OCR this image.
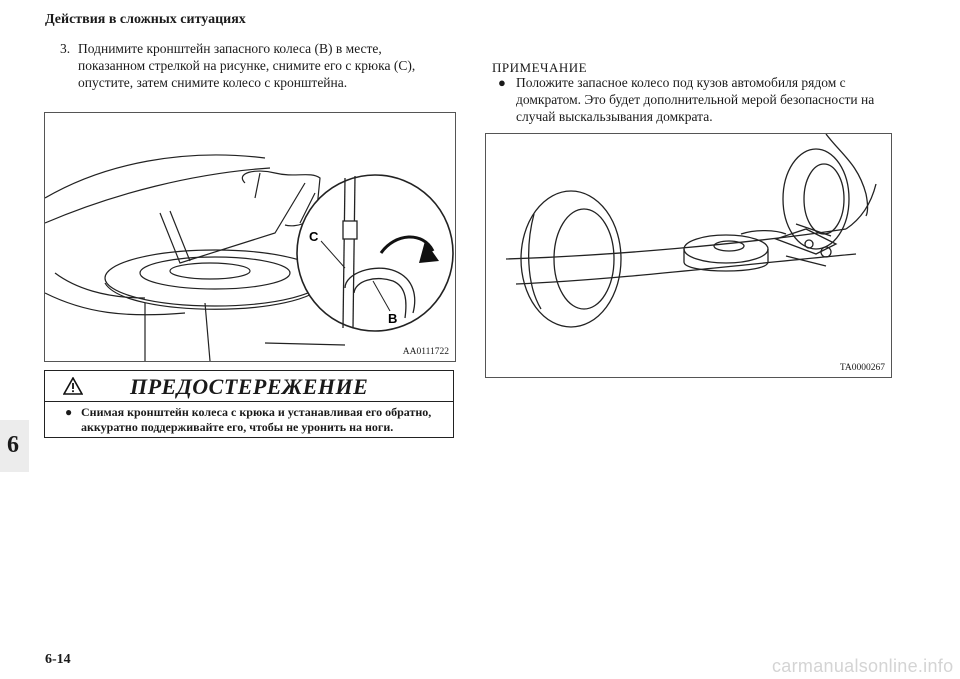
Действия в сложных ситуациях
3. Поднимите кронштейн запасного колеса (B) в месте, показанном стрелкой на рисунке, снимите его с крюка (C), опустите, затем снимите колесо с кронштейна.
C
B
AA0111722
ПРЕДОСТЕРЕЖЕНИЕ
● Снимая кронштейн колеса с крюка и устанавливая его обратно, аккуратно поддерживайте его, чтобы не уронить на ноги.
ПРИМЕЧАНИЕ
● Положите запасное колесо под кузов автомобиля рядом с домкратом. Это будет дополнительной мерой безопасности на случай выскальзывания домкрата.
TA0000267
6
6-14	carmanualsonline.info
